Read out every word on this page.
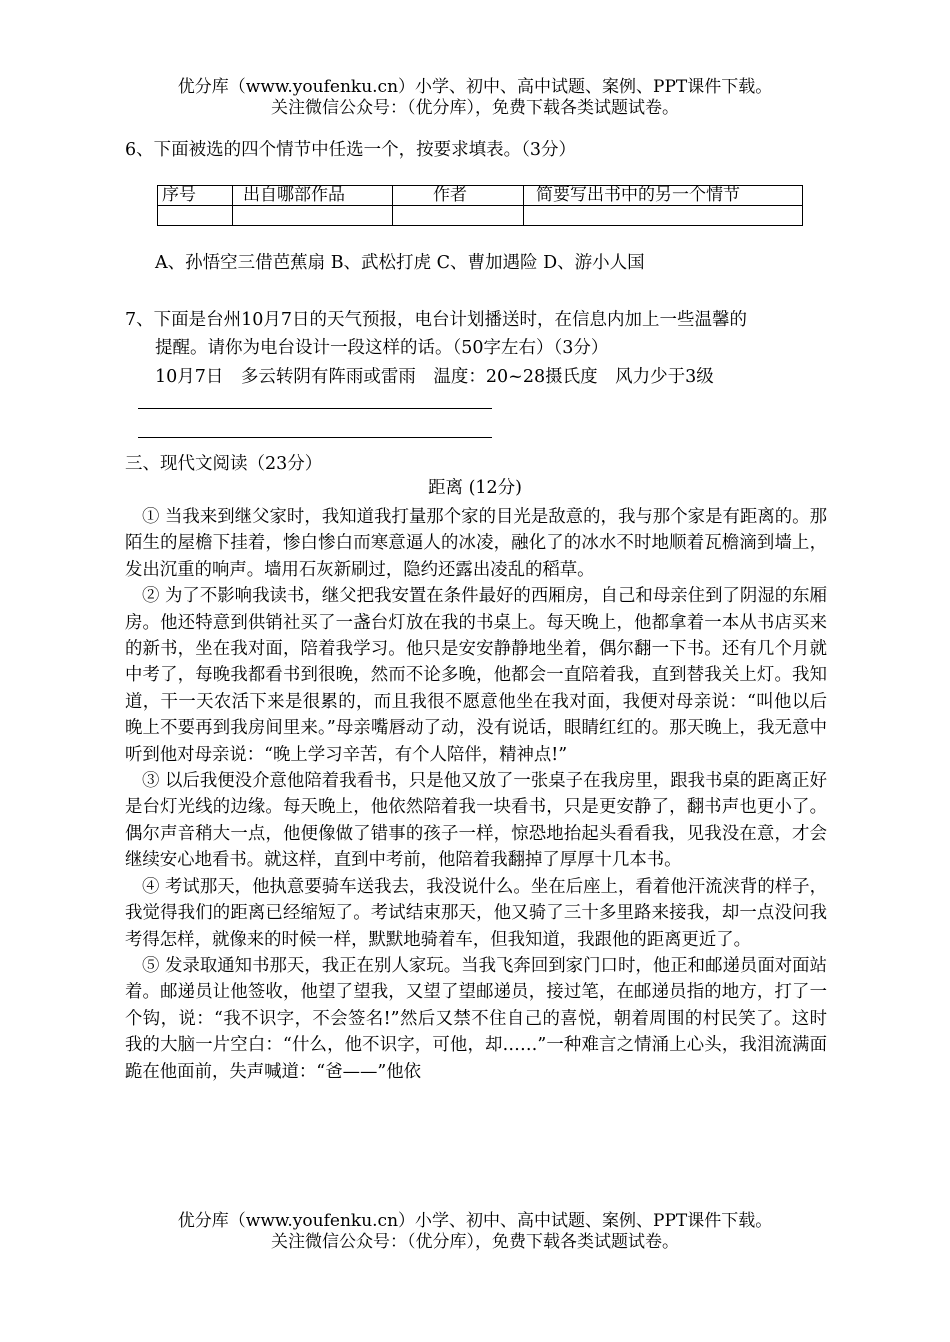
优分库（www.youfenku.cn）小学、初中、高中试题、案例、PPT课件下载。
关注微信公众号：（优分库），免费下载各类试题试卷。
6、下面被选的四个情节中任选一个，按要求填表。（3分）
序号	出自哪部作品	作者	简要写出书中的另一个情节

A、孙悟空三借芭蕉扇 B、武松打虎 C、曹加遇险 D、游小人国
7、下面是台州10月7日的天气预报，电台计划播送时，在信息内加上一些温馨的
提醒。请你为电台设计一段这样的话。（50字左右）（3分）
10月7日　多云转阴有阵雨或雷雨　温度：20~28摄氏度　风力少于3级
三、现代文阅读（23分）
距离 (12分)

① 当我来到继父家时，我知道我打量那个家的目光是敌意的，我与那个家是有距离的。那陌生的屋檐下挂着，惨白惨白而寒意逼人的冰凌，融化了的冰水不时地顺着瓦檐滴到墙上，发出沉重的响声。墙用石灰新刷过，隐约还露出凌乱的稻草。

② 为了不影响我读书，继父把我安置在条件最好的西厢房，自己和母亲住到了阴湿的东厢房。他还特意到供销社买了一盏台灯放在我的书桌上。每天晚上，他都拿着一本从书店买来的新书，坐在我对面，陪着我学习。他只是安安静静地坐着，偶尔翻一下书。还有几个月就中考了，每晚我都看书到很晚，然而不论多晚，他都会一直陪着我，直到替我关上灯。我知道，干一天农活下来是很累的，而且我很不愿意他坐在我对面，我便对母亲说：“叫他以后晚上不要再到我房间里来。”母亲嘴唇动了动，没有说话，眼睛红红的。那天晚上，我无意中听到他对母亲说：“晚上学习辛苦，有个人陪伴，精神点!”

③ 以后我便没介意他陪着我看书，只是他又放了一张桌子在我房里，跟我书桌的距离正好是台灯光线的边缘。每天晚上，他依然陪着我一块看书，只是更安静了，翻书声也更小了。偶尔声音稍大一点，他便像做了错事的孩子一样，惊恐地抬起头看看我，见我没在意，才会继续安心地看书。就这样，直到中考前，他陪着我翻掉了厚厚十几本书。

④ 考试那天，他执意要骑车送我去，我没说什么。坐在后座上，看着他汗流浃背的样子，我觉得我们的距离已经缩短了。考试结束那天，他又骑了三十多里路来接我，却一点没问我考得怎样，就像来的时候一样，默默地骑着车，但我知道，我跟他的距离更近了。

⑤ 发录取通知书那天，我正在别人家玩。当我飞奔回到家门口时，他正和邮递员面对面站着。邮递员让他签收，他望了望我，又望了望邮递员，接过笔，在邮递员指的地方，打了一个钩，说：“我不识字，不会签名!”然后又禁不住自己的喜悦，朝着周围的村民笑了。这时我的大脑一片空白：“什么，他不识字，可他，却……”一种难言之情涌上心头，我泪流满面跪在他面前，失声喊道：“爸——”他依

优分库（www.youfenku.cn）小学、初中、高中试题、案例、PPT课件下载。
关注微信公众号：（优分库），免费下载各类试题试卷。
